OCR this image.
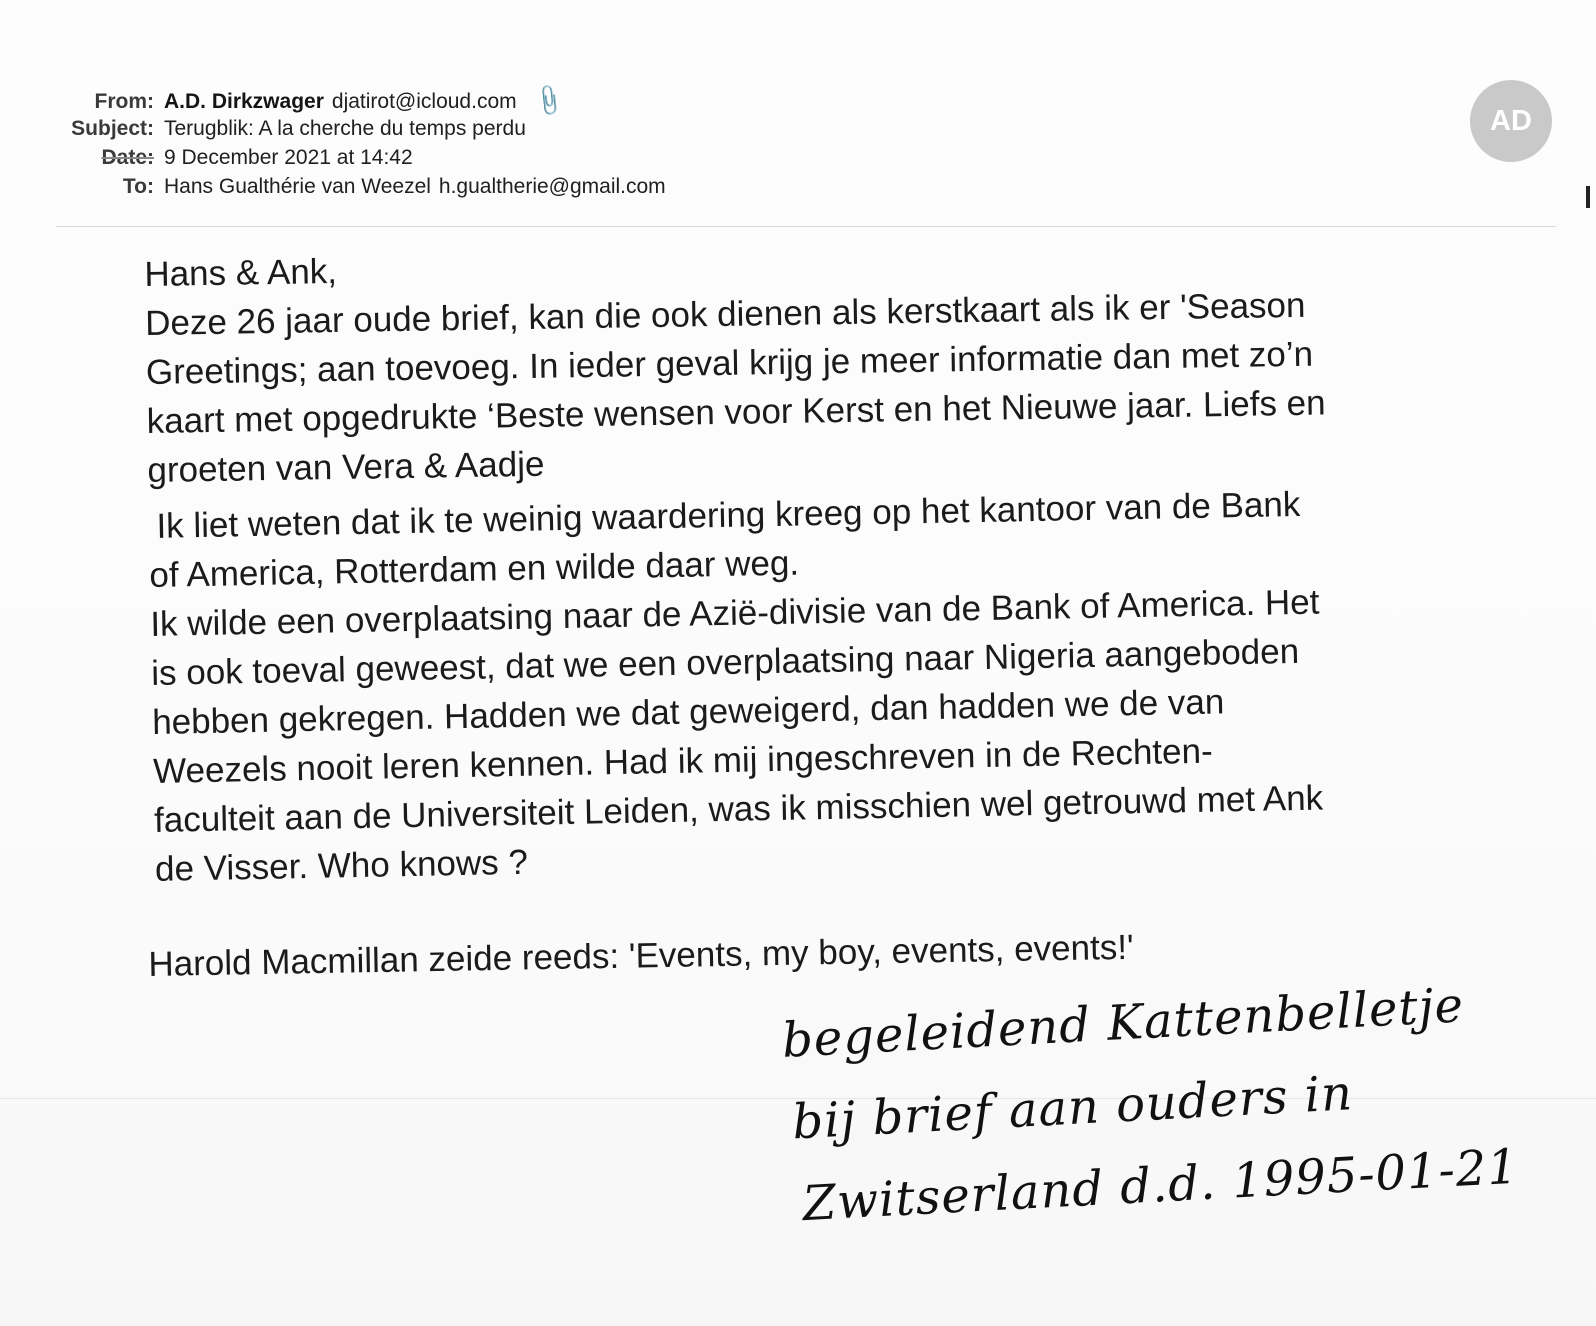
From: A.D. Dirkzwager djatirot@icloud.com 📎
Subject: Terugblik: A la cherche du temps perdu
Date: 9 December 2021 at 14:42
To: Hans Gualthérie van Weezel h.gualtherie@gmail.com
AD

Hans & Ank,
Deze 26 jaar oude brief, kan die ook dienen als kerstkaart als ik er 'Season
Greetings; aan toevoeg. In ieder geval krijg je meer informatie dan met zo’n
kaart met opgedrukte ‘Beste wensen voor Kerst en het Nieuwe jaar. Liefs en
groeten van Vera & Aadje

Ik liet weten dat ik te weinig waardering kreeg op het kantoor van de Bank
of America, Rotterdam en wilde daar weg.
Ik wilde een overplaatsing naar de Azië-divisie van de Bank of America. Het
is ook toeval geweest, dat we een overplaatsing naar Nigeria aangeboden
hebben gekregen. Hadden we dat geweigerd, dan hadden we de van
Weezels nooit leren kennen. Had ik mij ingeschreven in de Rechten-
faculteit aan de Universiteit Leiden, was ik misschien wel getrouwd met Ank
de Visser. Who knows ?

Harold Macmillan zeide reeds: 'Events, my boy, events, events!'

begeleidend Kattenbelletje
bij brief aan ouders in
Zwitserland d.d. 1995-01-21
